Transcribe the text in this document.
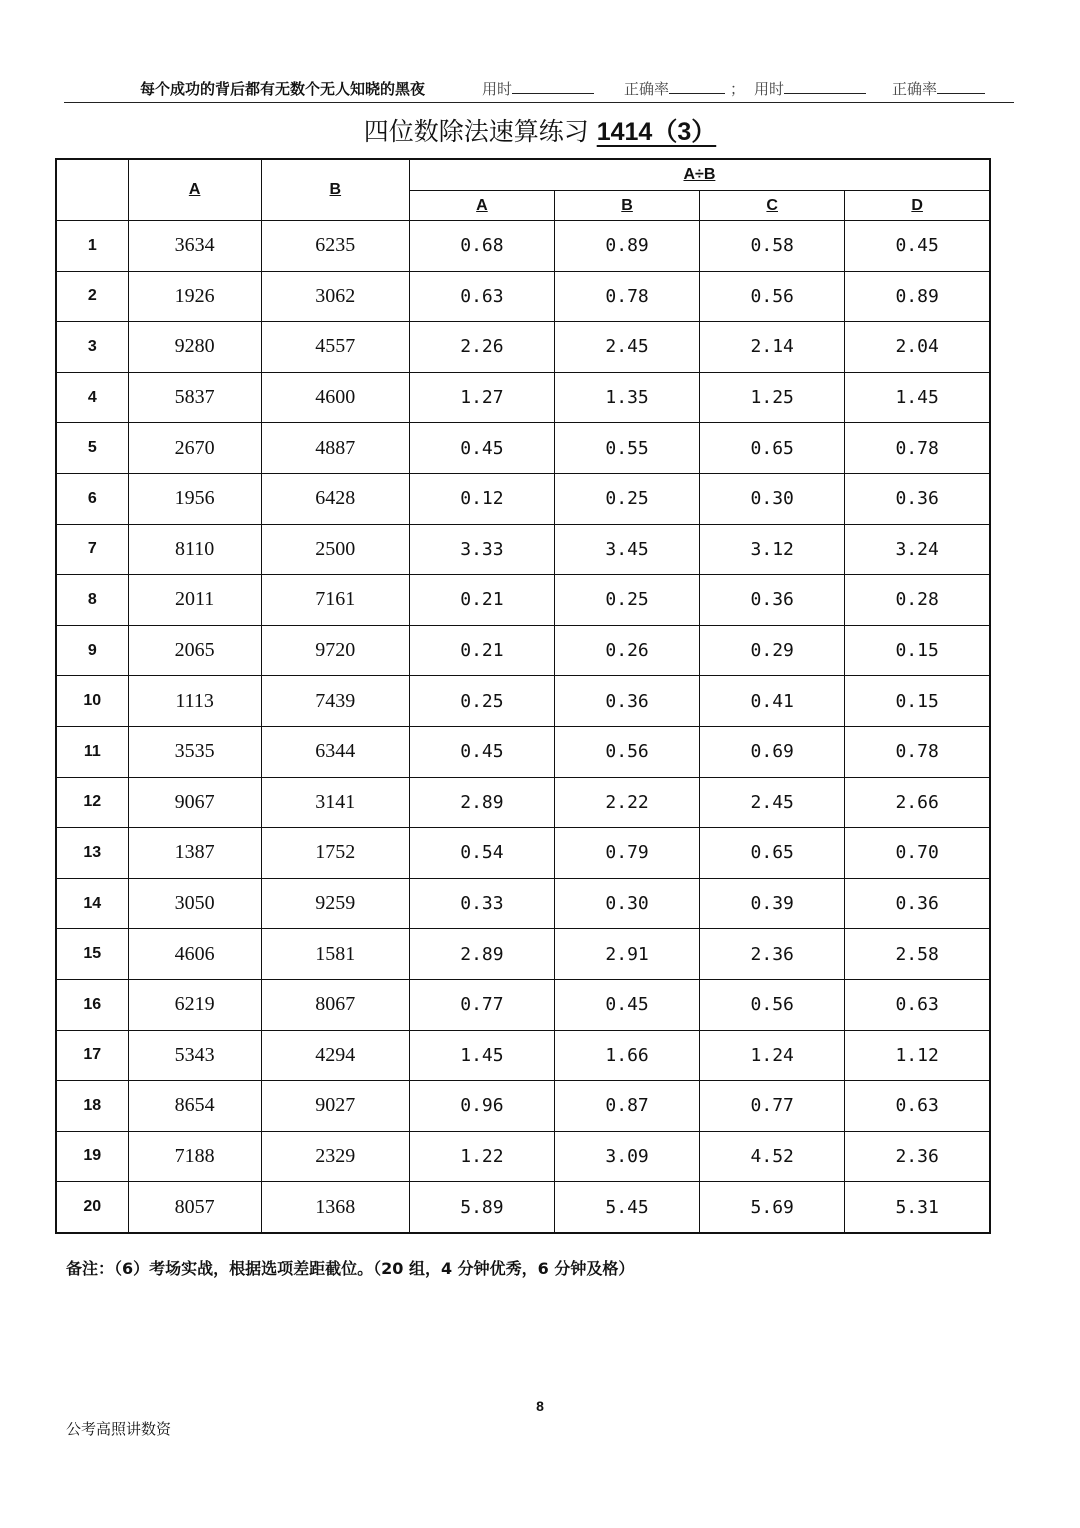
每个成功的背后都有无数个无人知晓的黑夜	用时	正确率	； 用时	正确率
四位数除法速算练习 1414（3）
	A	B	A÷B			
			A	B	C	D
1	3634	6235	0.68	0.89	0.58	0.45
2	1926	3062	0.63	0.78	0.56	0.89
3	9280	4557	2.26	2.45	2.14	2.04
4	5837	4600	1.27	1.35	1.25	1.45
5	2670	4887	0.45	0.55	0.65	0.78
6	1956	6428	0.12	0.25	0.30	0.36
7	8110	2500	3.33	3.45	3.12	3.24
8	2011	7161	0.21	0.25	0.36	0.28
9	2065	9720	0.21	0.26	0.29	0.15
10	1113	7439	0.25	0.36	0.41	0.15
11	3535	6344	0.45	0.56	0.69	0.78
12	9067	3141	2.89	2.22	2.45	2.66
13	1387	1752	0.54	0.79	0.65	0.70
14	3050	9259	0.33	0.30	0.39	0.36
15	4606	1581	2.89	2.91	2.36	2.58
16	6219	8067	0.77	0.45	0.56	0.63
17	5343	4294	1.45	1.66	1.24	1.12
18	8654	9027	0.96	0.87	0.77	0.63
19	7188	2329	1.22	3.09	4.52	2.36
20	8057	1368	5.89	5.45	5.69	5.31
备注：（6）考场实战，根据选项差距截位。（20 组，4 分钟优秀，6 分钟及格）
8
公考高照讲数资
